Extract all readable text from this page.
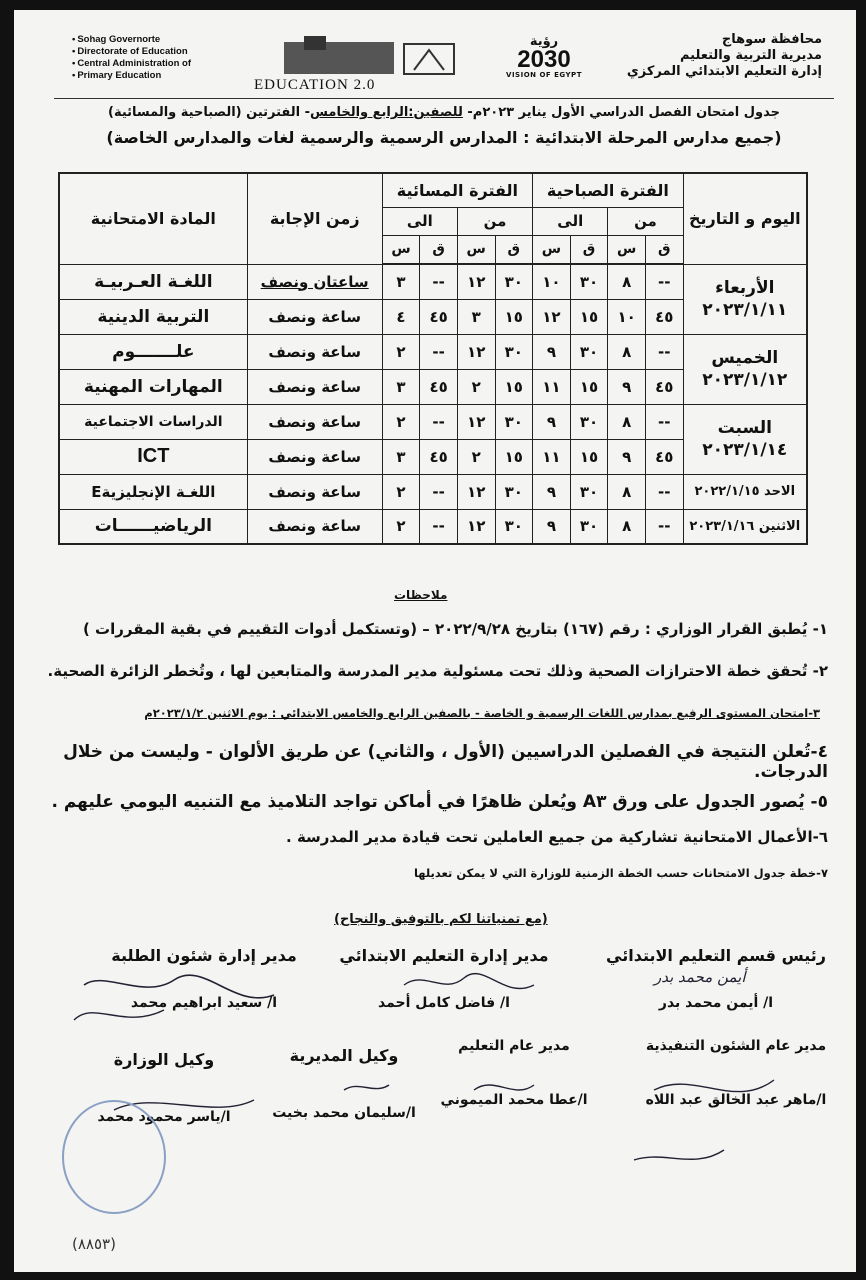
محافظة سوهاج
مديرية التربية والتعليم
إدارة التعليم الابتدائي المركزي
• Sohag Governorte
• Directorate of Education
• Central Administration of
• Primary Education
EDUCATION 2.0
رؤية
2030
VISION OF EGYPT
جدول امتحان الفصل الدراسي الأول يناير ٢٠٢٣م- للصفين:الرابع والخامس- الفترتين (الصباحية والمسائية)
(جميع مدارس المرحلة الابتدائية : المدارس الرسمية والرسمية لغات والمدارس الخاصة)
اليوم و التاريخ	الفترة الصباحية				الفترة المسائية				زمن الإجابة	المادة الامتحانية
	من		الى		من		الى			
	ق	س	ق	س	ق	س	ق	س		

الأربعاء
٢٠٢٣/١/١١	--	٨	٣٠	١٠	٣٠	١٢	--	٣	ساعتان ونصف	اللغـة العـربيـة
	٤٥	١٠	١٥	١٢	١٥	٣	٤٥	٤	ساعة ونصف	التربية الدينية

الخميس
٢٠٢٣/١/١٢	--	٨	٣٠	٩	٣٠	١٢	--	٢	ساعة ونصف	علـــــــوم
	٤٥	٩	١٥	١١	١٥	٢	٤٥	٣	ساعة ونصف	المهارات المهنية

السبت
٢٠٢٣/١/١٤	--	٨	٣٠	٩	٣٠	١٢	--	٢	ساعة ونصف	الدراسات الاجتماعية
	٤٥	٩	١٥	١١	١٥	٢	٤٥	٣	ساعة ونصف	ICT
الاحد ٢٠٢٢/١/١٥	--	٨	٣٠	٩	٣٠	١٢	--	٢	ساعة ونصف	اللغـة الإنجليزيةE
الاثنين ٢٠٢٣/١/١٦	--	٨	٣٠	٩	٣٠	١٢	--	٢	ساعة ونصف	الرياضيــــــات
ملاحظات
١- يُطبق القرار الوزاري : رقم (١٦٧) بتاريخ ٢٠٢٢/٩/٢٨ – (وتستكمل أدوات التقييم في بقية المقررات )
٢- تُحقق خطة الاحترازات الصحية وذلك تحت مسئولية مدير المدرسة والمتابعين لها ، وتُخطر الزائرة الصحية.
٣-امتحان المستوى الرفيع بمدارس اللغات الرسمية و الخاصة - بالصفين الرابع والخامس الابتدائي : يوم الاثنين ٢٠٢٣/١/٢م
٤-تُعلن النتيجة في الفصلين الدراسيين (الأول ، والثاني) عن طريق الألوان - وليست من خلال الدرجات.
٥- يُصور الجدول على ورق A٣ ويُعلن ظاهرًا في أماكن تواجد التلاميذ مع التنبيه اليومي عليهم .
٦-الأعمال الامتحانية تشاركية من جميع العاملين تحت قيادة مدير المدرسة .
٧-خطة جدول الامتحانات حسب الخطة الزمنية للوزارة التي لا يمكن تعديلها
(مع تمنياتنا لكم بالتوفيق والنجاح)
رئيس قسم التعليم الابتدائي
ا/ أيمن محمد بدر
مدير إدارة التعليم الابتدائي
ا/ فاضل كامل أحمد
مدير إدارة شئون الطلبة
ا/ سعيد ابراهيم محمد
مدير عام الشئون التنفيذية
ا/ماهر عبد الخالق عبد اللاه
مدير عام التعليم
ا/عطا محمد الميموني
وكيل المديرية
ا/سليمان محمد بخيت
وكيل الوزارة
ا/ياسر محمود محمد
أيمن محمد بدر
(٨٨٥٣)
